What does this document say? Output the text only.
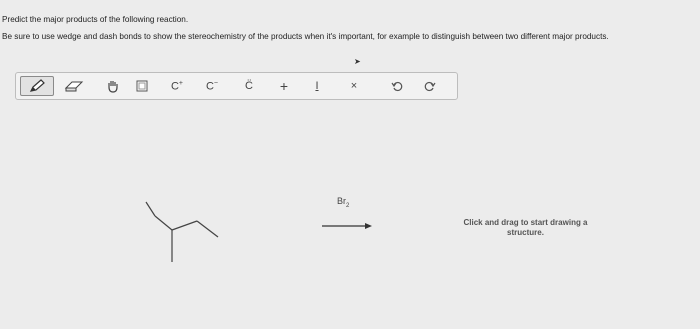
Predict the major products of the following reaction.
Be sure to use wedge and dash bonds to show the stereochemistry of the products when it's important, for example to distinguish between two different major products.
➤
C+ C− C̈ + I	×
$Br_2$
Click and drag to start drawing a structure.
